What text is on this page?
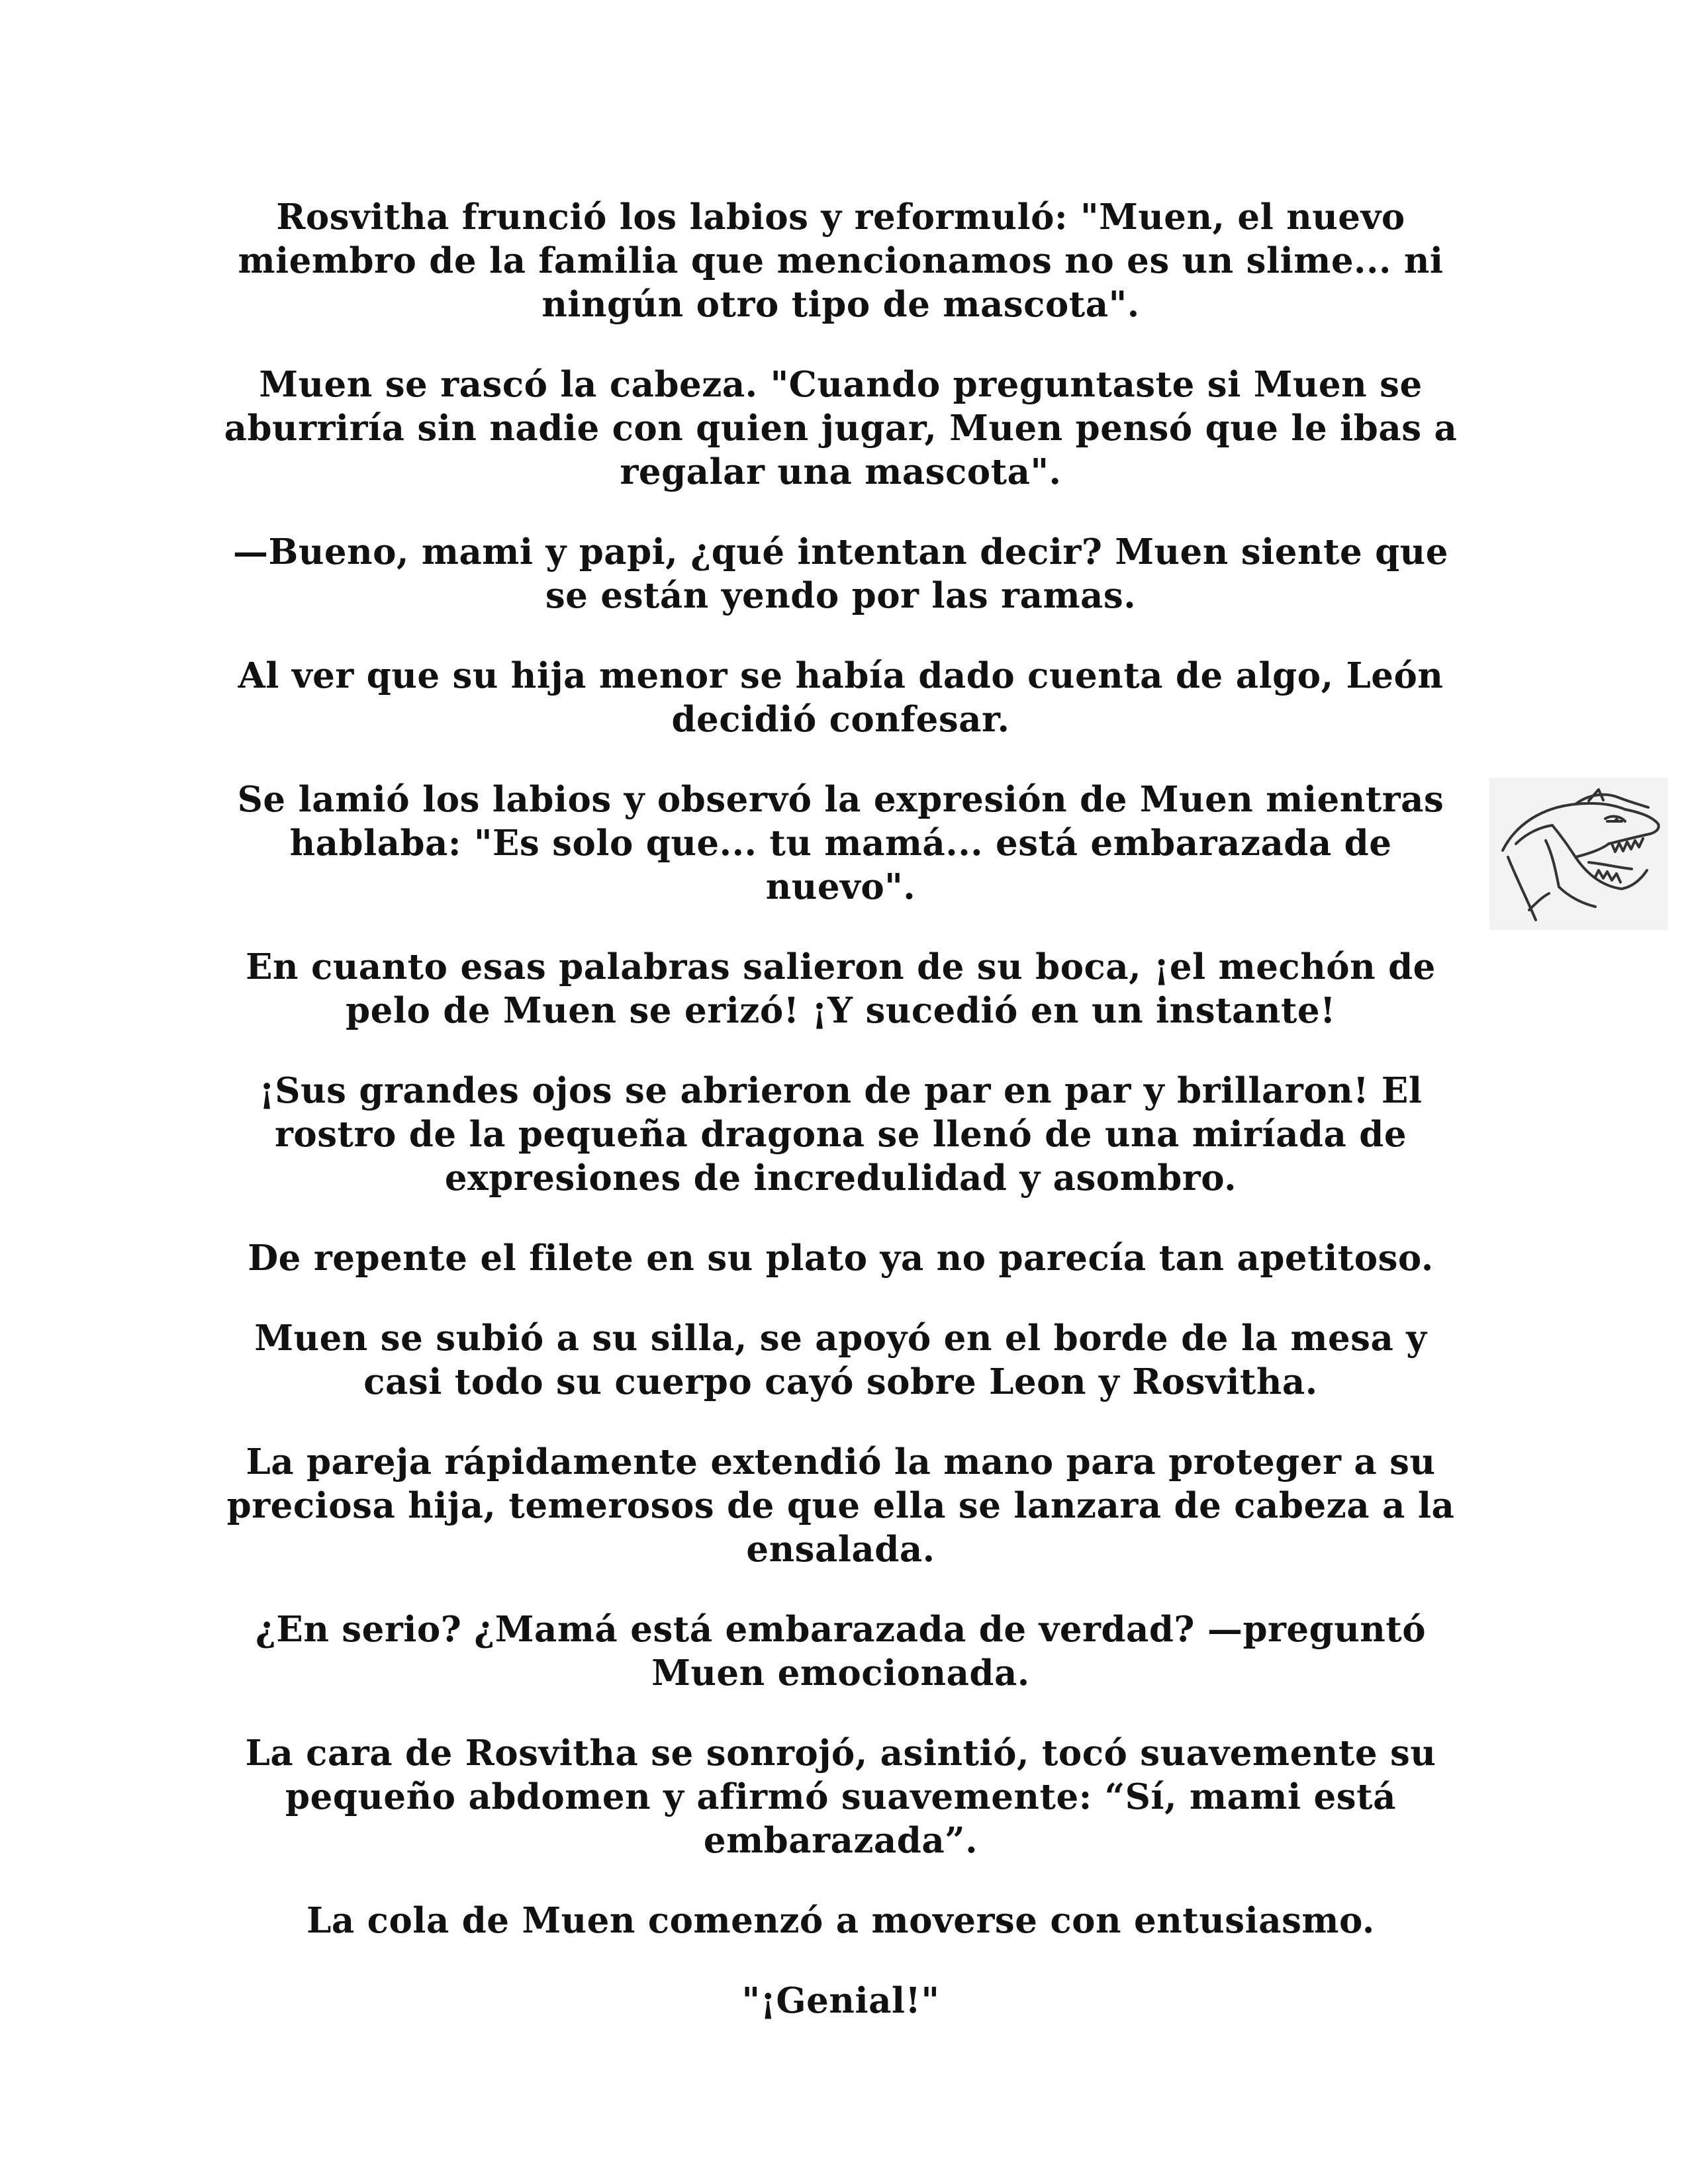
Rosvitha frunció los labios y reformuló: "Muen, el nuevo miembro de la familia que mencionamos no es un slime... ni ningún otro tipo de mascota".

Muen se rascó la cabeza. "Cuando preguntaste si Muen se aburriría sin nadie con quien jugar, Muen pensó que le ibas a regalar una mascota".

—Bueno, mami y papi, ¿qué intentan decir? Muen siente que se están yendo por las ramas.

Al ver que su hija menor se había dado cuenta de algo, León decidió confesar.

Se lamió los labios y observó la expresión de Muen mientras hablaba: "Es solo que... tu mamá... está embarazada de nuevo".

En cuanto esas palabras salieron de su boca, ¡el mechón de pelo de Muen se erizó! ¡Y sucedió en un instante!

¡Sus grandes ojos se abrieron de par en par y brillaron! El rostro de la pequeña dragona se llenó de una miríada de expresiones de incredulidad y asombro.

De repente el filete en su plato ya no parecía tan apetitoso.

Muen se subió a su silla, se apoyó en el borde de la mesa y casi todo su cuerpo cayó sobre Leon y Rosvitha.

La pareja rápidamente extendió la mano para proteger a su preciosa hija, temerosos de que ella se lanzara de cabeza a la ensalada.

¿En serio? ¿Mamá está embarazada de verdad? —preguntó Muen emocionada.

La cara de Rosvitha se sonrojó, asintió, tocó suavemente su pequeño abdomen y afirmó suavemente: “Sí, mami está embarazada”.

La cola de Muen comenzó a moverse con entusiasmo.

"¡Genial!"
